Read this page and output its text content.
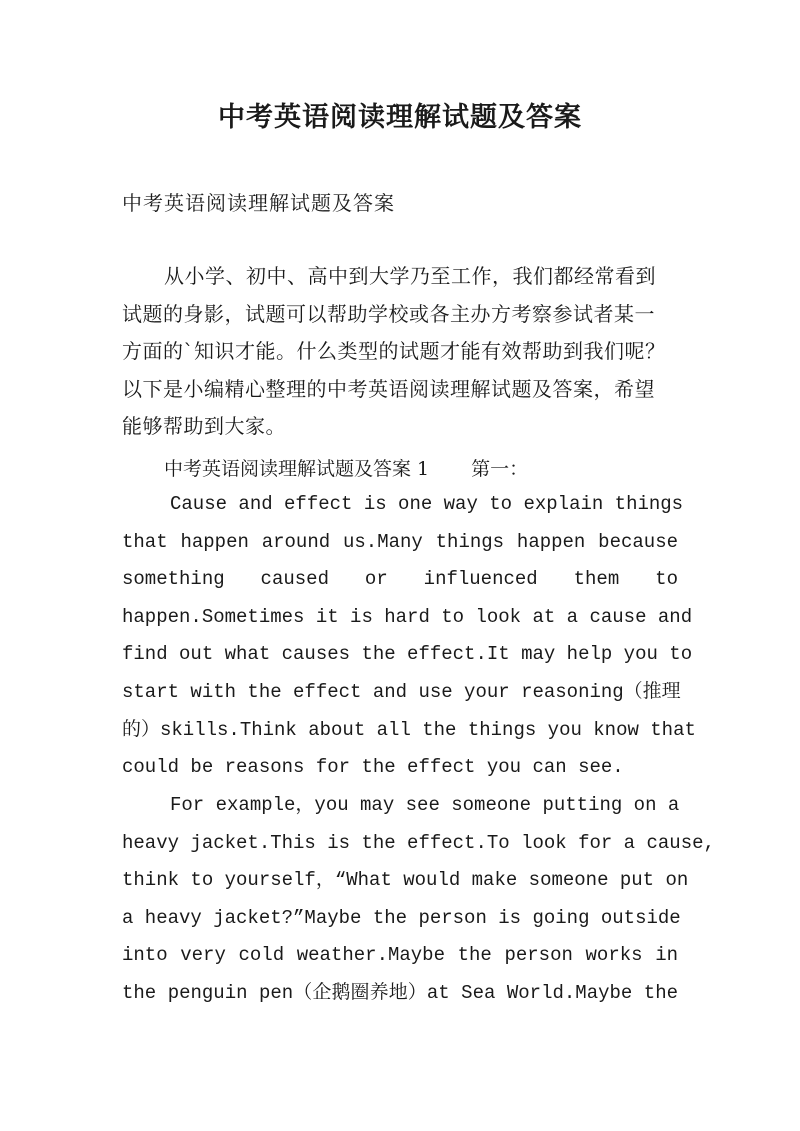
中考英语阅读理解试题及答案

中考英语阅读理解试题及答案

从小学、初中、高中到大学乃至工作，我们都经常看到
试题的身影，试题可以帮助学校或各主办方考察参试者某一
方面的`知识才能。什么类型的试题才能有效帮助到我们呢？
以下是小编精心整理的中考英语阅读理解试题及答案，希望
能够帮助到大家。

中考英语阅读理解试题及答案 1 第一：

Cause and effect is one way to explain things
that happen around us.Many things happen because
something caused or influenced them to
happen.Sometimes it is hard to look at a cause and
find out what causes the effect.It may help you to
start with the effect and use your reasoning（推理
的）skills.Think about all the things you know that
could be reasons for the effect you can see.
For example，you may see someone putting on a
heavy jacket.This is the effect.To look for a cause,
think to yourself，“What would make someone put on
a heavy jacket?”Maybe the person is going outside
into very cold weather.Maybe the person works in
the penguin pen（企鹅圈养地）at Sea World.Maybe the
